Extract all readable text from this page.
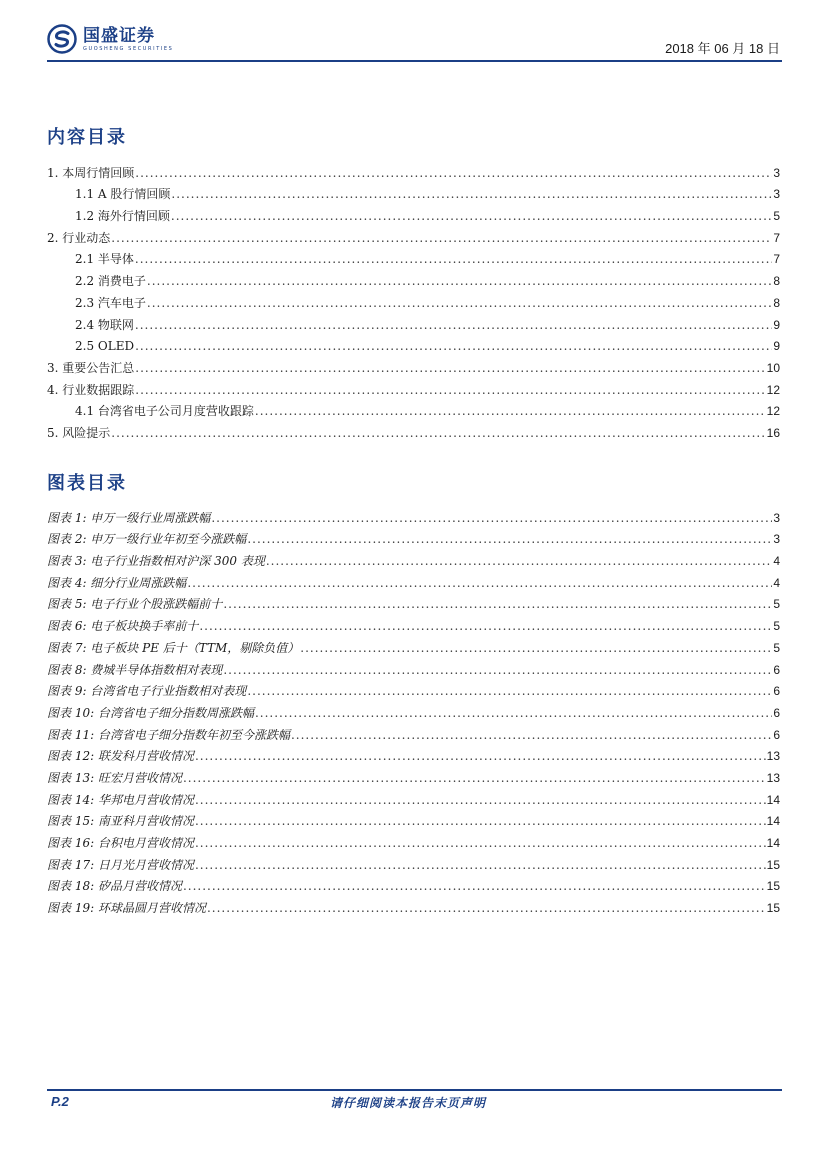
国盛证券
GUOSHENG SECURITIES	2018 年 06 月 18 日
内容目录
1. 本周行情回顾 .....	3
1.1 A 股行情回顾 .....	3
1.2 海外行情回顾 .....	5
2. 行业动态 .....	7
2.1 半导体 .....	7
2.2 消费电子 .....	8
2.3 汽车电子 .....	8
2.4 物联网 .....	9
2.5 OLED .....	9
3. 重要公告汇总 .....	10
4. 行业数据跟踪 .....	12
4.1 台湾省电子公司月度营收跟踪 .....	12
5. 风险提示 .....	16
图表目录
图表 1: 申万一级行业周涨跌幅 .....	3
图表 2: 申万一级行业年初至今涨跌幅 .....	3
图表 3: 电子行业指数相对沪深 300 表现 .....	4
图表 4: 细分行业周涨跌幅 .....	4
图表 5: 电子行业个股涨跌幅前十 .....	5
图表 6: 电子板块换手率前十 .....	5
图表 7: 电子板块 PE 后十（TTM，剔除负值） .....	5
图表 8: 费城半导体指数相对表现 .....	6
图表 9: 台湾省电子行业指数相对表现 .....	6
图表 10: 台湾省电子细分指数周涨跌幅 .....	6
图表 11: 台湾省电子细分指数年初至今涨跌幅 .....	6
图表 12: 联发科月营收情况 .....	13
图表 13: 旺宏月营收情况 .....	13
图表 14: 华邦电月营收情况 .....	14
图表 15: 南亚科月营收情况 .....	14
图表 16: 台积电月营收情况 .....	14
图表 17: 日月光月营收情况 .....	15
图表 18: 矽品月营收情况 .....	15
图表 19: 环球晶圆月营收情况 .....	15
P.2	请仔细阅读本报告末页声明
